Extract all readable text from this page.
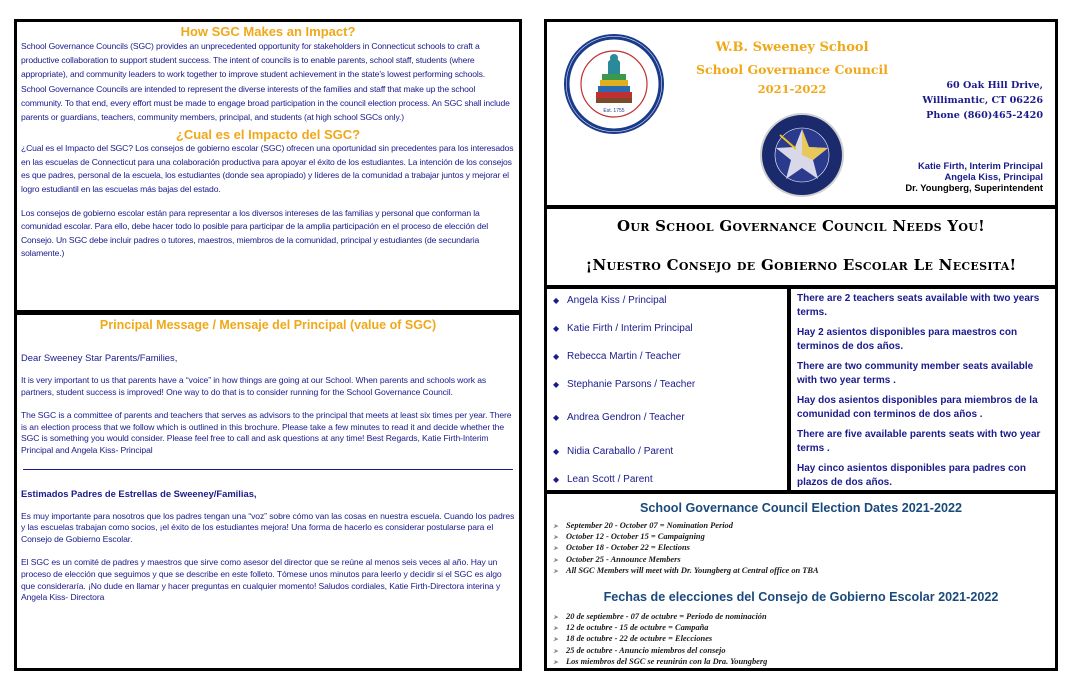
How SGC Makes an Impact?

School Governance Councils (SGC) provides an unprecedented opportunity for stakeholders in Connecticut schools to craft a productive collaboration to support student success. The intent of councils is to enable parents, school staff, students (where appropriate), and community leaders to work together to improve student achievement in the state’s lowest performing schools.

School Governance Councils are intended to represent the diverse interests of the families and staff that make up the school community. To that end, every effort must be made to engage broad participation in the council election process. An SGC shall include parents or guardians, teachers, community members, principal, and students (at high school SGCs only.)

¿Cual es el Impacto del SGC?

¿Cual es el Impacto del SGC? Los consejos de gobierno escolar (SGC) ofrecen una oportunidad sin precedentes para los interesados en las escuelas de Connecticut para una colaboración productiva para apoyar el éxito de los estudiantes. La intención de los consejos es que padres, personal de la escuela, los estudiantes (donde sea apropiado) y líderes de la comunidad a trabajar juntos y mejorar el logro estudiantil en las escuelas más bajas del estado.

Los consejos de gobierno escolar están para representar a los diversos intereses de las familias y personal que conforman la comunidad escolar. Para ello, debe hacer todo lo posible para participar de la amplia participación en el proceso de elección del Consejo. Un SGC debe incluir padres o tutores, maestros, miembros de la comunidad, principal y estudiantes (de secundaria solamente.)

Principal Message / Mensaje del Principal (value of SGC)

Dear Sweeney Star Parents/Families,

It is very important to us that parents have a “voice” in how things are going at our School. When parents and schools work as partners, student success is improved! One way to do that is to consider running for the School Governance Council.

The SGC is a committee of parents and teachers that serves as advisors to the principal that meets at least six times per year. There is an election process that we follow which is outlined in this brochure. Please take a few minutes to read it and decide whether the SGC is something you would consider. Please feel free to call and ask questions at any time! Best Regards, Katie Firth-Interim Principal and Angela Kiss- Principal

Estimados Padres de Estrellas de Sweeney/Familias,

Es muy importante para nosotros que los padres tengan una “voz” sobre cómo van las cosas en nuestra escuela. Cuando los padres y las escuelas trabajan como socios, ¡el éxito de los estudiantes mejora! Una forma de hacerlo es considerar postularse para el Consejo de Gobierno Escolar.

El SGC es un comité de padres y maestros que sirve como asesor del director que se reúne al menos seis veces al año. Hay un proceso de elección que seguimos y que se describe en este folleto. Tómese unos minutos para leerlo y decidir si el SGC es algo que consideraría. ¡No dude en llamar y hacer preguntas en cualquier momento! Saludos cordiales, Katie Firth-Directora interina y Angela Kiss- Directora

Est. 1755
W.B. Sweeney School
School Governance Council
2021-2022	60 Oak Hill Drive,
Willimantic, CT 06226
Phone (860)465-2420
Katie Firth, Interim Principal
Angela Kiss, Principal
Dr. Youngberg, Superintendent

Our School Governance Council Needs You!

¡Nuestro Consejo de Gobierno Escolar Le Necesita!

◆ Angela Kiss / Principal
◆ Katie Firth / Interim Principal
◆ Rebecca Martin / Teacher
◆ Stephanie Parsons / Teacher
◆ Andrea Gendron / Teacher
◆ Nidia Caraballo / Parent
◆ Lean Scott / Parent

There are 2 teachers seats available with two years terms.

Hay 2 asientos disponibles para maestros con terminos de dos años.

There are two community member seats available with two year terms .

Hay dos asientos disponibles para miembros de la comunidad con terminos de dos años .

There are five available parents seats with two year terms .

Hay cinco asientos disponibles para padres con plazos de dos años.

School Governance Council Election Dates 2021-2022

➤ September 20 - October 07 = Nomination Period

➤ October 12 - October 15 = Campaigning

➤ October 18 - October 22 = Elections

➤ October 25 - Announce Members

➤ All SGC Members will meet with Dr. Youngberg at Central office on TBA

Fechas de elecciones del Consejo de Gobierno Escolar 2021-2022

➤ 20 de septiembre - 07 de octubre = Periodo de nominación

➤ 12 de octubre - 15 de octubre = Campaña

➤ 18 de octubre - 22 de octubre = Elecciones

➤ 25 de octubre - Anuncio miembros del consejo

➤ Los miembros del SGC se reunirán con la Dra. Youngberg
